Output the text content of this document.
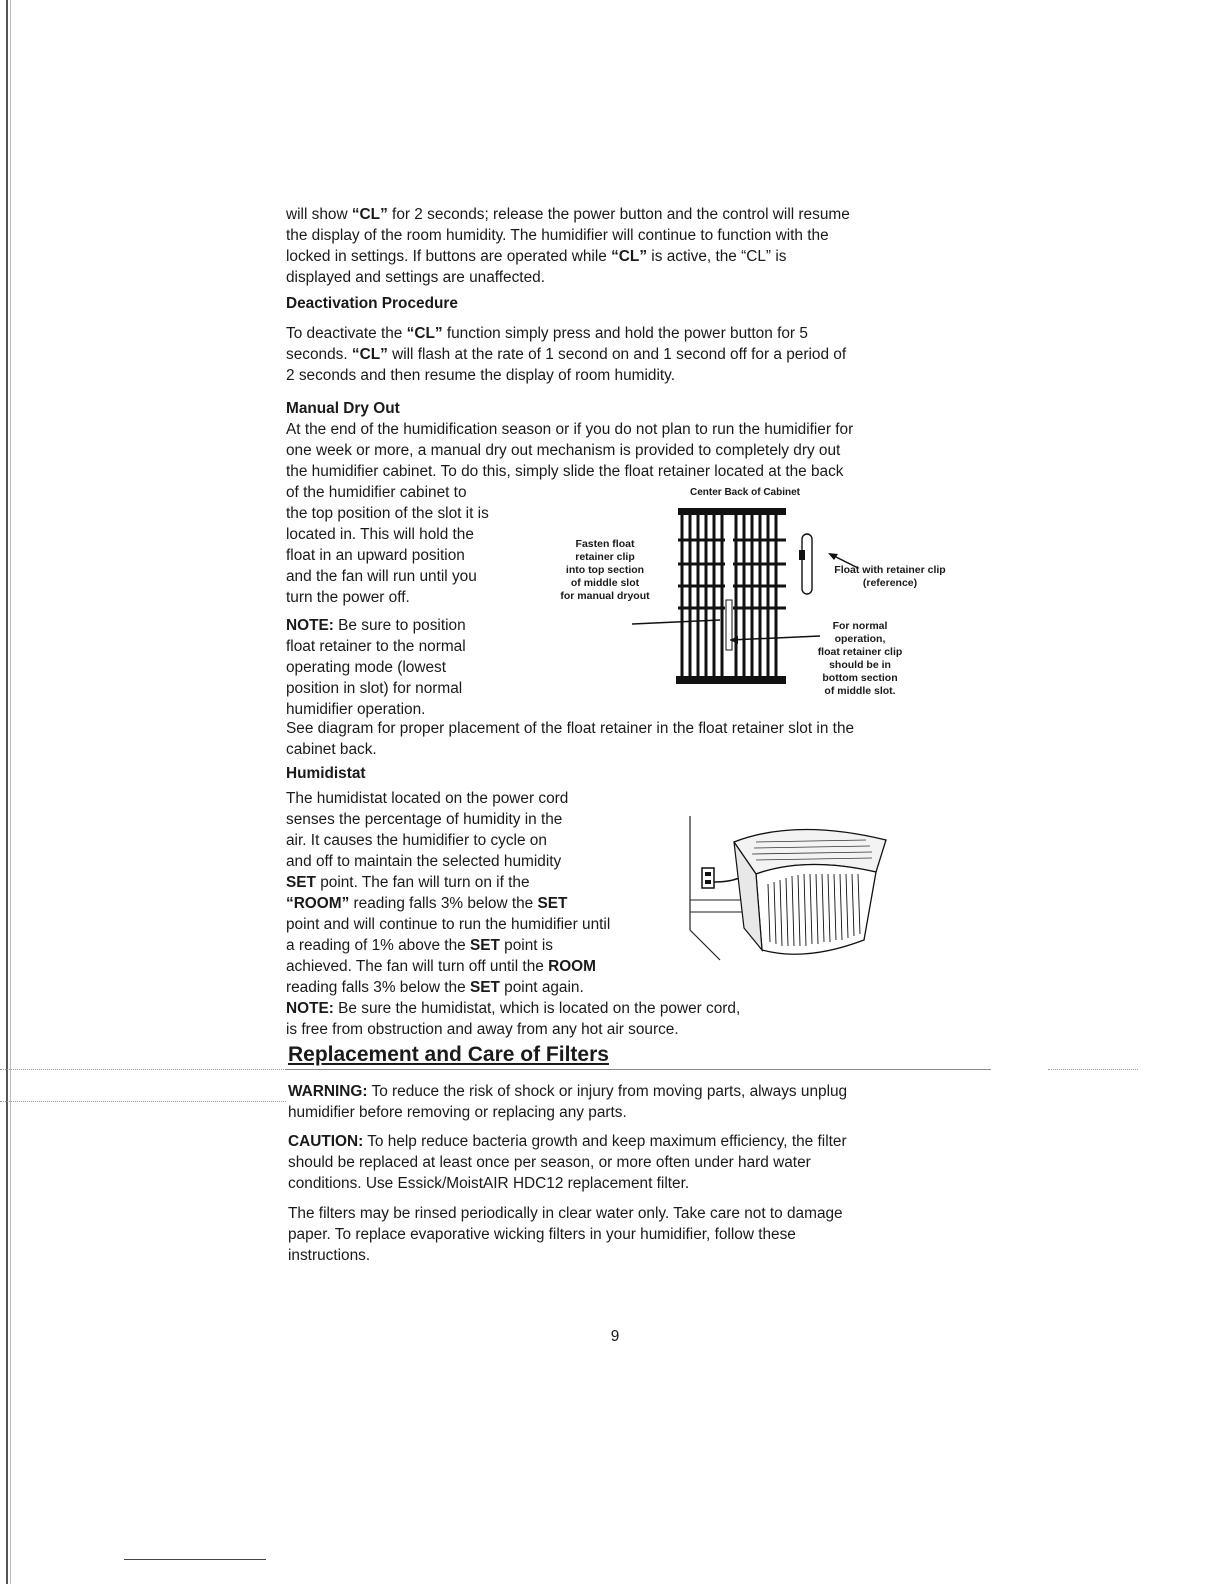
will show “CL” for 2 seconds; release the power button and the control will resume

the display of the room humidity. The humidifier will continue to function with the

locked in settings. If buttons are operated while “CL” is active, the “CL” is

displayed and settings are unaffected.

Deactivation Procedure

To deactivate the “CL” function simply press and hold the power button for 5

seconds. “CL” will flash at the rate of 1 second on and 1 second off for a period of

2 seconds and then resume the display of room humidity.

Manual Dry Out

At the end of the humidification season or if you do not plan to run the humidifier for

one week or more, a manual dry out mechanism is provided to completely dry out

the humidifier cabinet. To do this, simply slide the float retainer located at the back

of the humidifier cabinet to

the top position of the slot it is

located in. This will hold the

float in an upward position

and the fan will run until you

turn the power off.

NOTE: Be sure to position

float retainer to the normal

operating mode (lowest

position in slot) for normal

humidifier operation.

See diagram for proper placement of the float retainer in the float retainer slot in the

cabinet back.

Center Back of Cabinet
Fasten float
retainer clip
into top section
of middle slot
for manual dryout
Float with retainer clip
(reference)
For normal
operation,
float retainer clip
should be in
bottom section
of middle slot.

Humidistat

The humidistat located on the power cord

senses the percentage of humidity in the

air. It causes the humidifier to cycle on

and off to maintain the selected humidity

SET point. The fan will turn on if the

“ROOM” reading falls 3% below the SET

point and will continue to run the humidifier until

a reading of 1% above the SET point is

achieved. The fan will turn off until the ROOM

reading falls 3% below the SET point again.

NOTE: Be sure the humidistat, which is located on the power cord,

is free from obstruction and away from any hot air source.

Replacement and Care of Filters

WARNING: To reduce the risk of shock or injury from moving parts, always unplug

humidifier before removing or replacing any parts.

CAUTION: To help reduce bacteria growth and keep maximum efficiency, the filter

should be replaced at least once per season, or more often under hard water

conditions. Use Essick/MoistAIR HDC12 replacement filter.

The filters may be rinsed periodically in clear water only. Take care not to damage

paper. To replace evaporative wicking filters in your humidifier, follow these

instructions.

9
